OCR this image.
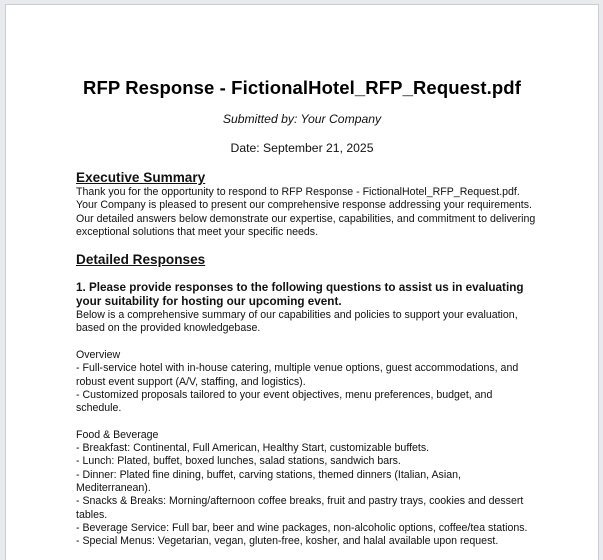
RFP Response - FictionalHotel_RFP_Request.pdf
Submitted by: Your Company
Date: September 21, 2025

Executive Summary

Thank you for the opportunity to respond to RFP Response - FictionalHotel_RFP_Request.pdf. Your Company is pleased to present our comprehensive response addressing your requirements. Our detailed answers below demonstrate our expertise, capabilities, and commitment to delivering exceptional solutions that meet your specific needs.

Detailed Responses

1. Please provide responses to the following questions to assist us in evaluating your suitability for hosting our upcoming event.

Below is a comprehensive summary of our capabilities and policies to support your evaluation, based on the provided knowledgebase.

Overview

- Full-service hotel with in-house catering, multiple venue options, guest accommodations, and robust event support (A/V, staffing, and logistics).

- Customized proposals tailored to your event objectives, menu preferences, budget, and schedule.

Food & Beverage

- Breakfast: Continental, Full American, Healthy Start, customizable buffets.

- Lunch: Plated, buffet, boxed lunches, salad stations, sandwich bars.

- Dinner: Plated fine dining, buffet, carving stations, themed dinners (Italian, Asian, Mediterranean).

- Snacks & Breaks: Morning/afternoon coffee breaks, fruit and pastry trays, cookies and dessert tables.

- Beverage Service: Full bar, beer and wine packages, non-alcoholic options, coffee/tea stations.

- Special Menus: Vegetarian, vegan, gluten-free, kosher, and halal available upon request.
